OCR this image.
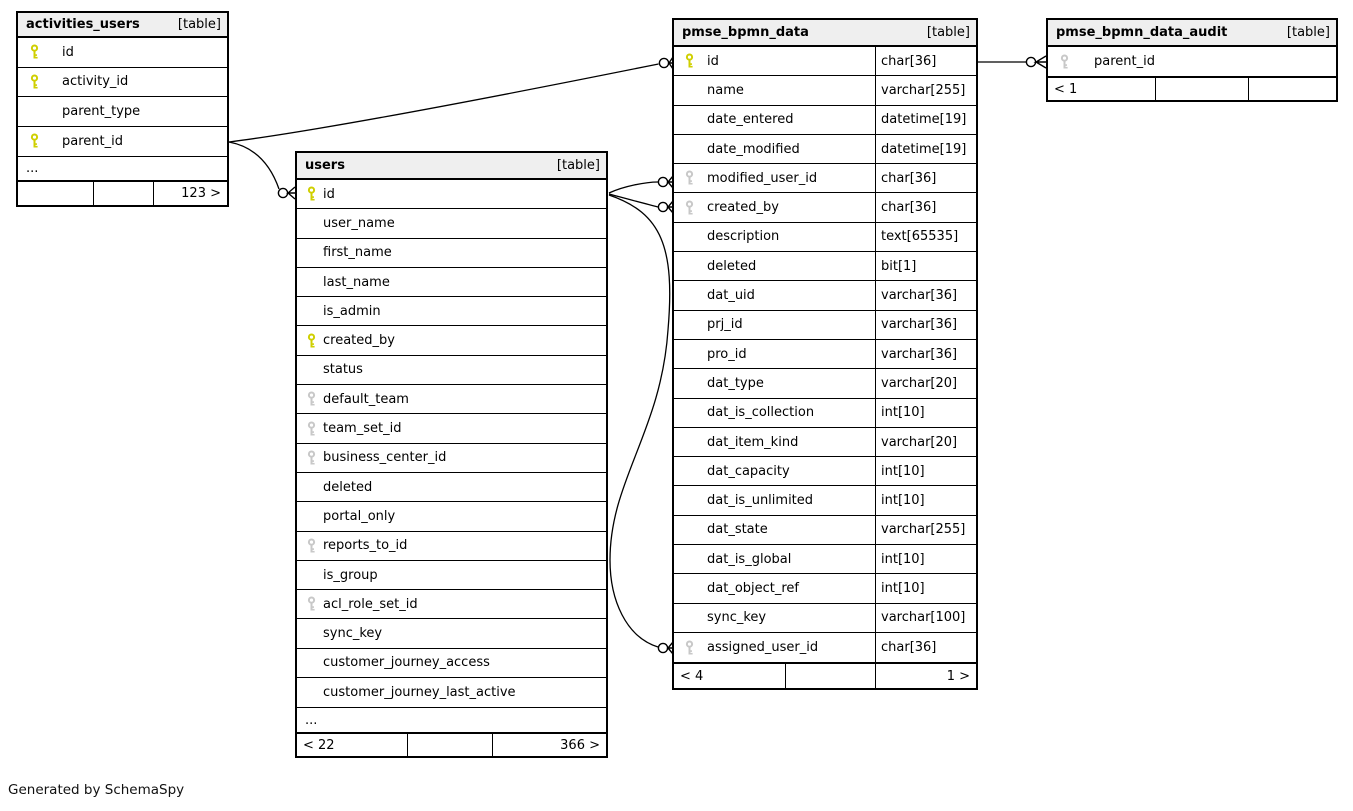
activities_users	[table]
id
activity_id
parent_type
parent_id
...
123 >
users	[table]
id
user_name
first_name
last_name
is_admin
created_by
status
default_team
team_set_id
business_center_id
deleted
portal_only
reports_to_id
is_group
acl_role_set_id
sync_key
customer_journey_access
customer_journey_last_active
...
< 22	366 >
pmse_bpmn_data	[table]
id	char[36]
name	varchar[255]
date_entered	datetime[19]
date_modified	datetime[19]
modified_user_id	char[36]
created_by	char[36]
description	text[65535]
deleted	bit[1]
dat_uid	varchar[36]
prj_id	varchar[36]
pro_id	varchar[36]
dat_type	varchar[20]
dat_is_collection	int[10]
dat_item_kind	varchar[20]
dat_capacity	int[10]
dat_is_unlimited	int[10]
dat_state	varchar[255]
dat_is_global	int[10]
dat_object_ref	int[10]
sync_key	varchar[100]
assigned_user_id	char[36]
< 4	1 >
pmse_bpmn_data_audit	[table]
parent_id
< 1
Generated by SchemaSpy
